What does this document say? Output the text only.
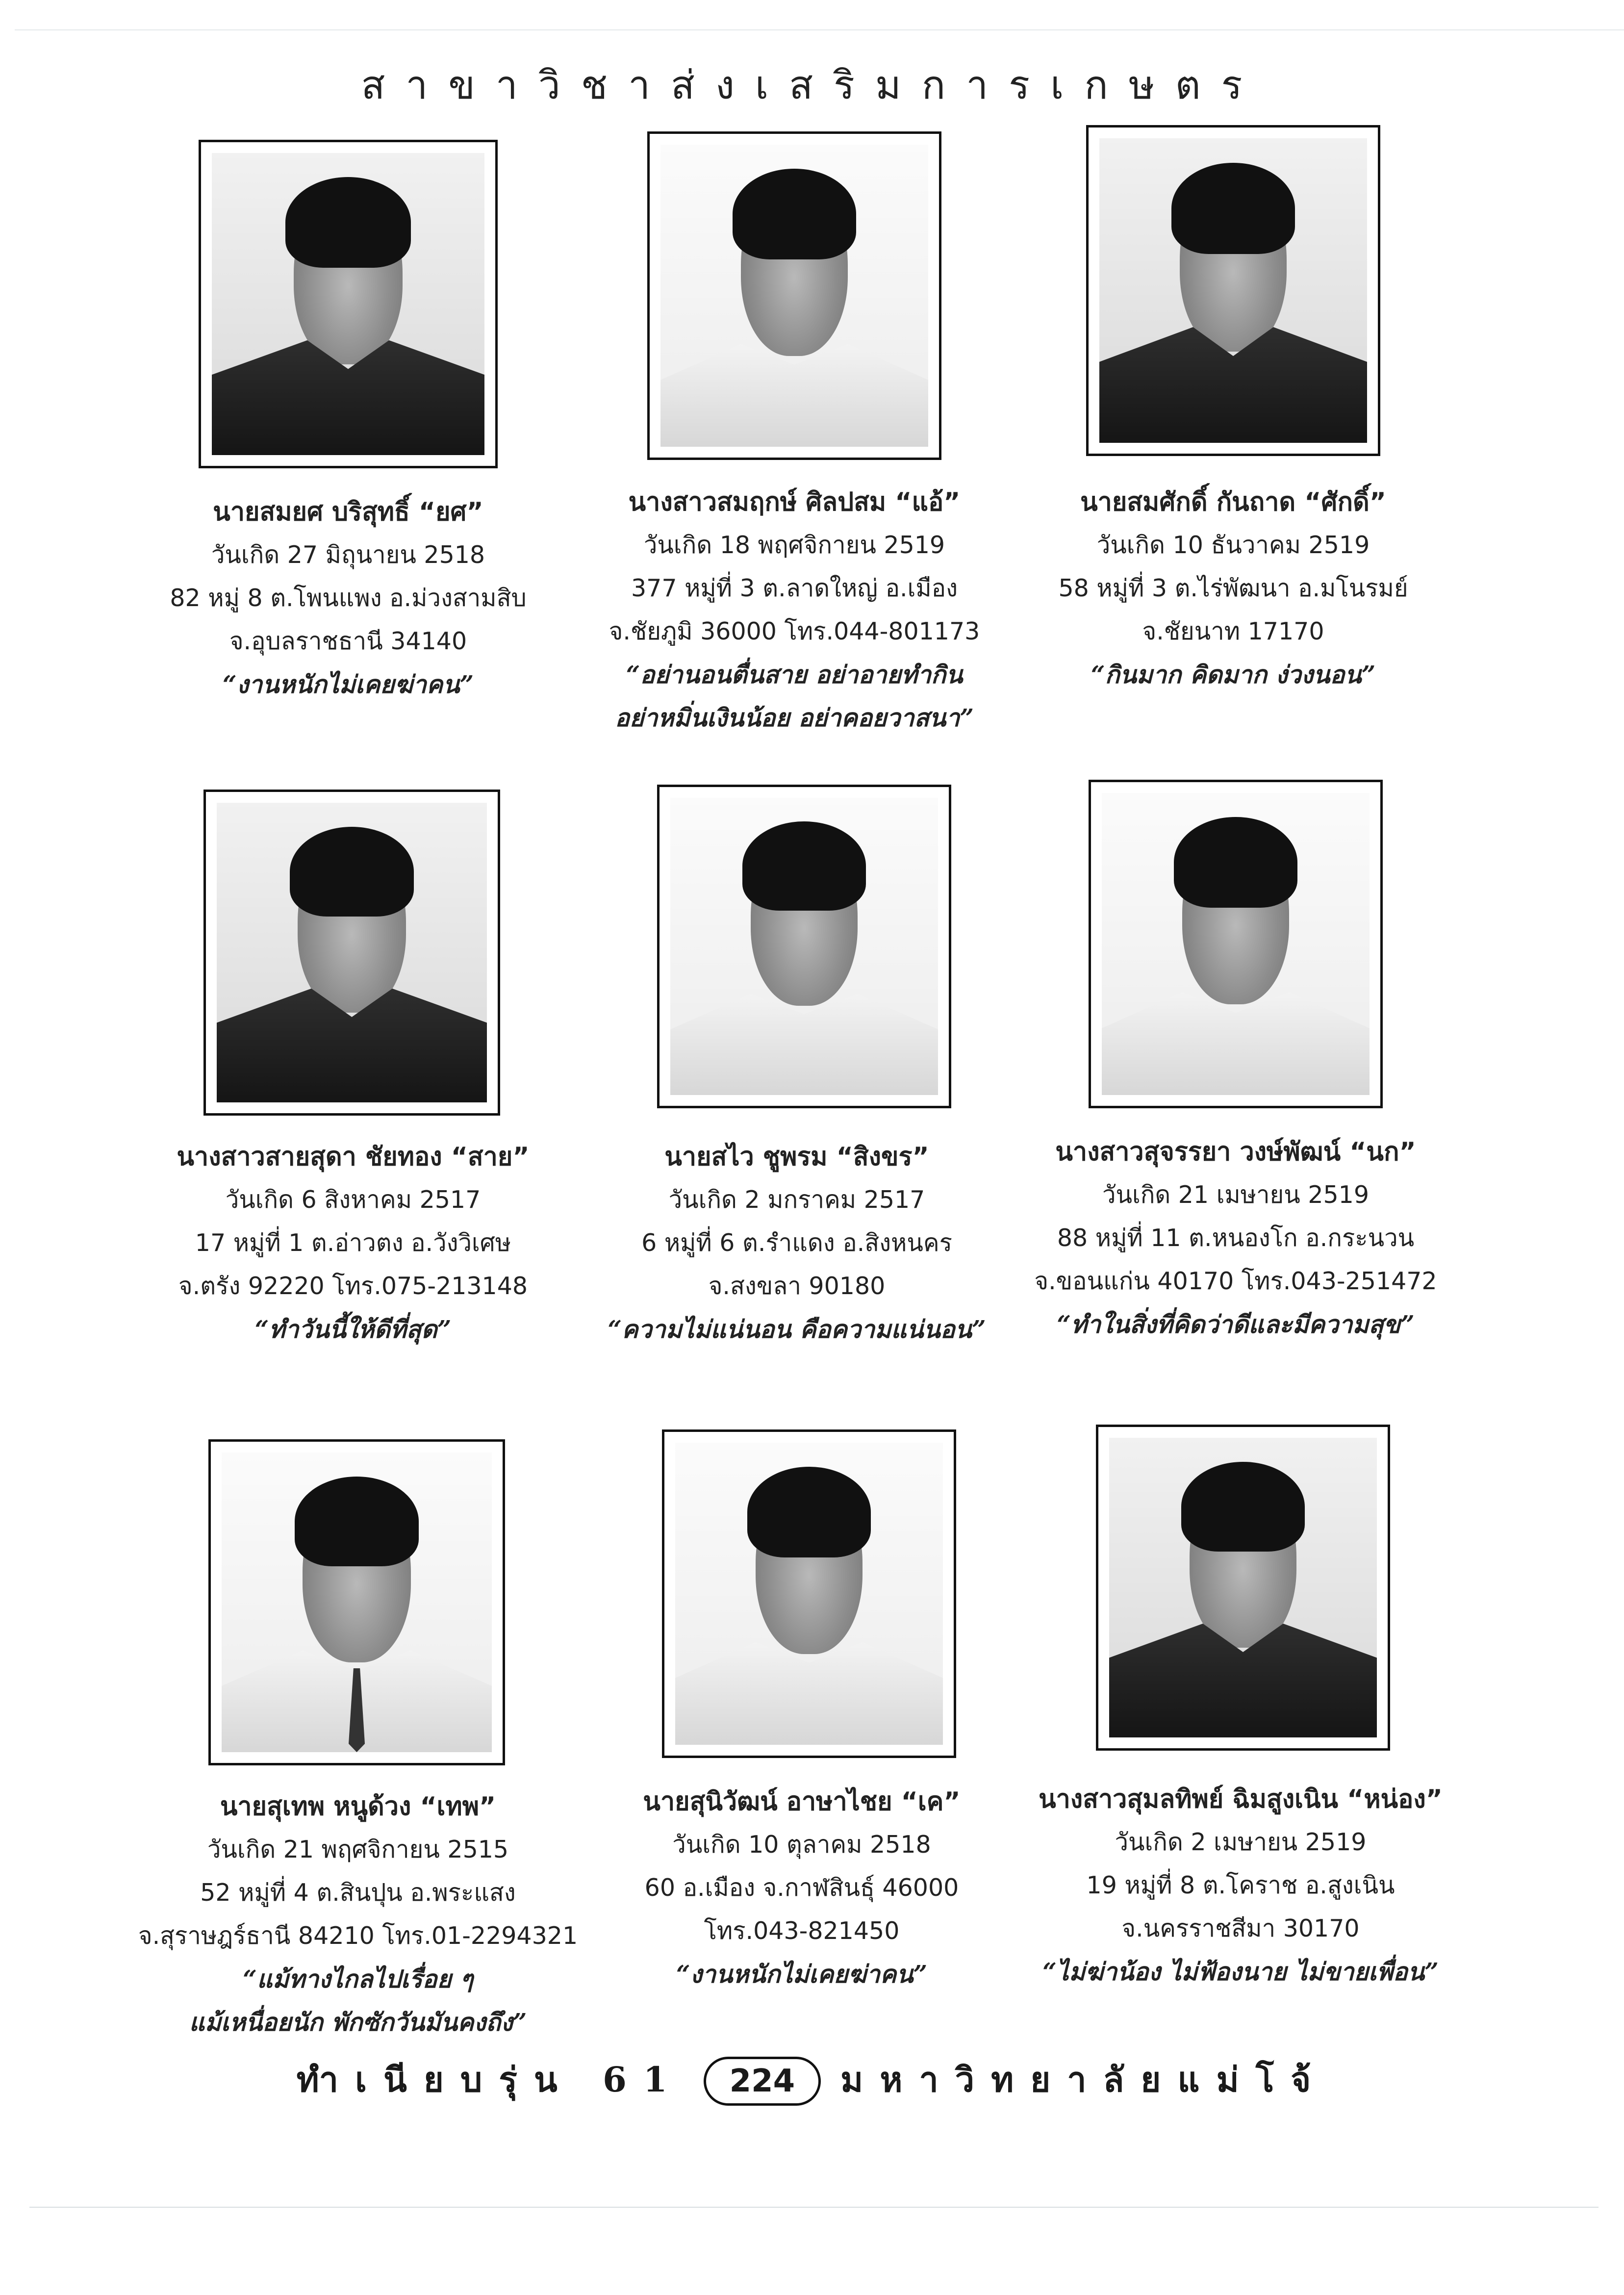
สาขาวิชาส่งเสริมการเกษตร
นายสมยศ บริสุทธิ์ “ยศ”
วันเกิด 27 มิถุนายน 2518
82 หมู่ 8 ต.โพนแพง อ.ม่วงสามสิบ
จ.อุบลราชธานี 34140
“งานหนักไม่เคยฆ่าคน”
นางสาวสมฤกษ์ ศิลปสม “แอ้”
วันเกิด 18 พฤศจิกายน 2519
377 หมู่ที่ 3 ต.ลาดใหญ่ อ.เมือง
จ.ชัยภูมิ 36000 โทร.044-801173
“อย่านอนตื่นสาย อย่าอายทำกิน
อย่าหมิ่นเงินน้อย อย่าคอยวาสนา”
นายสมศักดิ์ กันถาด “ศักดิ์”
วันเกิด 10 ธันวาคม 2519
58 หมู่ที่ 3 ต.ไร่พัฒนา อ.มโนรมย์
จ.ชัยนาท 17170
“กินมาก คิดมาก ง่วงนอน”
นางสาวสายสุดา ชัยทอง “สาย”
วันเกิด 6 สิงหาคม 2517
17 หมู่ที่ 1 ต.อ่าวตง อ.วังวิเศษ
จ.ตรัง 92220 โทร.075-213148
“ทำวันนี้ให้ดีที่สุด”
นายสไว ชูพรม “สิงขร”
วันเกิด 2 มกราคม 2517
6 หมู่ที่ 6 ต.รำแดง อ.สิงหนคร
จ.สงขลา 90180
“ความไม่แน่นอน คือความแน่นอน”
นางสาวสุจรรยา วงษ์พัฒน์ “นก”
วันเกิด 21 เมษายน 2519
88 หมู่ที่ 11 ต.หนองโก อ.กระนวน
จ.ขอนแก่น 40170 โทร.043-251472
“ทำในสิ่งที่คิดว่าดีและมีความสุข”
นายสุเทพ หนูด้วง “เทพ”
วันเกิด 21 พฤศจิกายน 2515
52 หมู่ที่ 4 ต.สินปุน อ.พระแสง
จ.สุราษฎร์ธานี 84210 โทร.01-2294321
“แม้ทางไกลไปเรื่อย ๆ
แม้เหนื่อยนัก พักซักวันมันคงถึง”
นายสุนิวัฒน์ อาษาไชย “เค”
วันเกิด 10 ตุลาคม 2518
60 อ.เมือง จ.กาฬสินธุ์ 46000
โทร.043-821450
“งานหนักไม่เคยฆ่าคน”
นางสาวสุมลทิพย์ ฉิมสูงเนิน “หน่อง”
วันเกิด 2 เมษายน 2519
19 หมู่ที่ 8 ต.โคราช อ.สูงเนิน
จ.นครราชสีมา 30170
“ไม่ฆ่าน้อง ไม่ฟ้องนาย ไม่ขายเพื่อน”
ทำเนียบรุ่น 61 224 มหาวิทยาลัยแม่โจ้
